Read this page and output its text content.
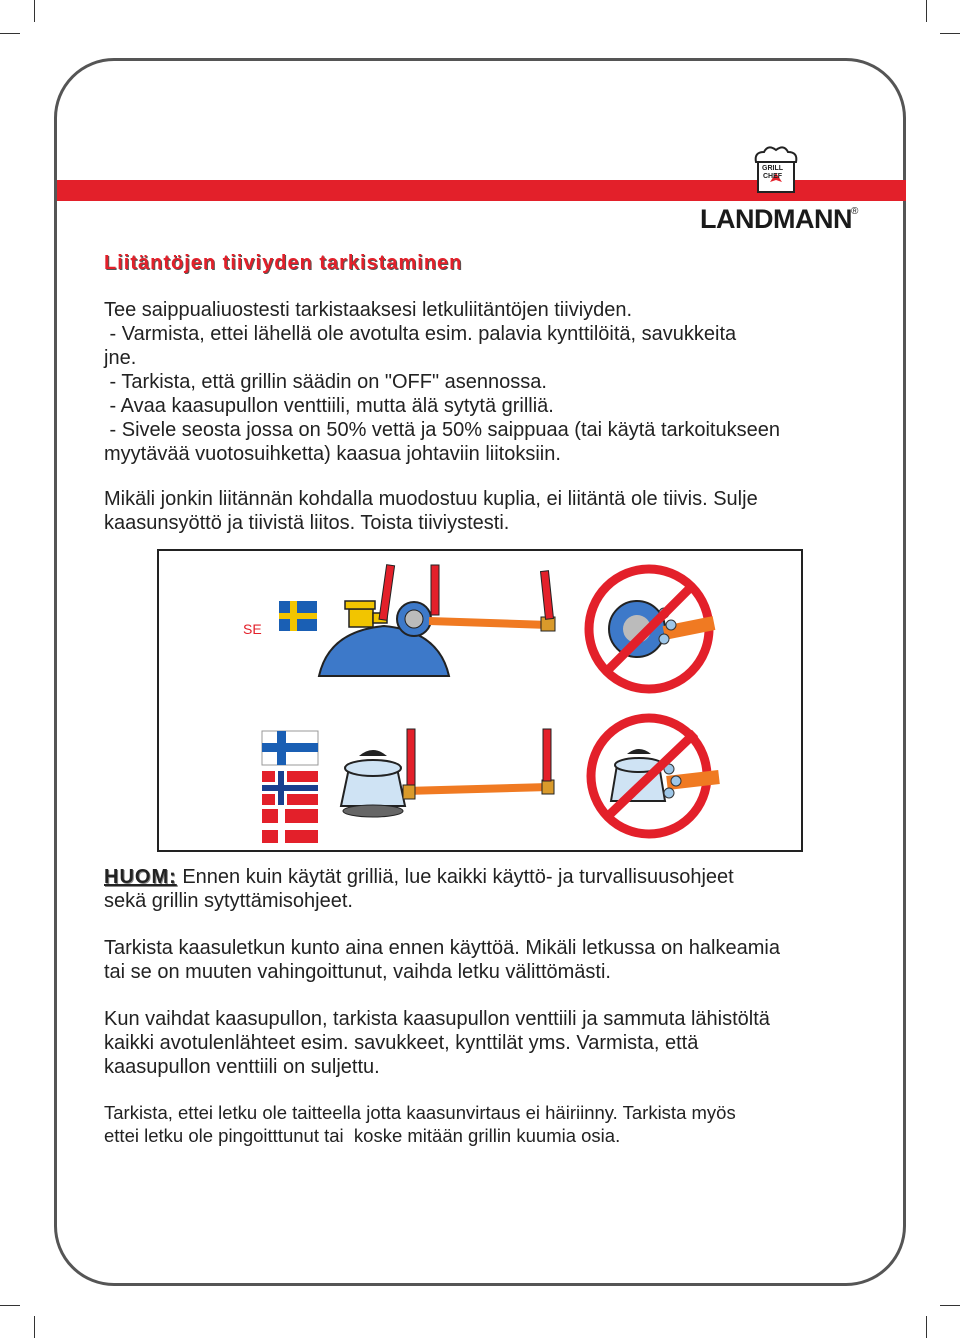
GRILL
CHEF
LANDMANN ®
Liitäntöjen tiiviyden tarkistaminen
Tee saippualiuostesti tarkistaaksesi letkuliitäntöjen tiiviyden.
- Varmista, ettei lähellä ole avotulta esim. palavia kynttilöitä, savukkeita
jne.
- Tarkista, että grillin säädin on "OFF" asennossa.
- Avaa kaasupullon venttiili, mutta älä sytytä grilliä.
- Sivele seosta jossa on 50% vettä ja 50% saippuaa (tai käytä tarkoitukseen
myytävää vuotosuihketta) kaasua johtaviin liitoksiin.
Mikäli jonkin liitännän kohdalla muodostuu kuplia, ei liitäntä ole tiivis. Sulje
kaasunsyöttö ja tiivistä liitos. Toista tiiviystesti.
SE
HUOM: Ennen kuin käytät grilliä, lue kaikki käyttö- ja turvallisuusohjeet
sekä grillin sytyttämisohjeet.
Tarkista kaasuletkun kunto aina ennen käyttöä. Mikäli letkussa on halkeamia
tai se on muuten vahingoittunut, vaihda letku välittömästi.
Kun vaihdat kaasupullon, tarkista kaasupullon venttiili ja sammuta lähistöltä
kaikki avotulenlähteet esim. savukkeet, kynttilät yms. Varmista, että
kaasupullon venttiili on suljettu.
Tarkista, ettei letku ole taitteella jotta kaasunvirtaus ei häiriinny. Tarkista myös
ettei letku ole pingoitttunut tai  koske mitään grillin kuumia osia.
